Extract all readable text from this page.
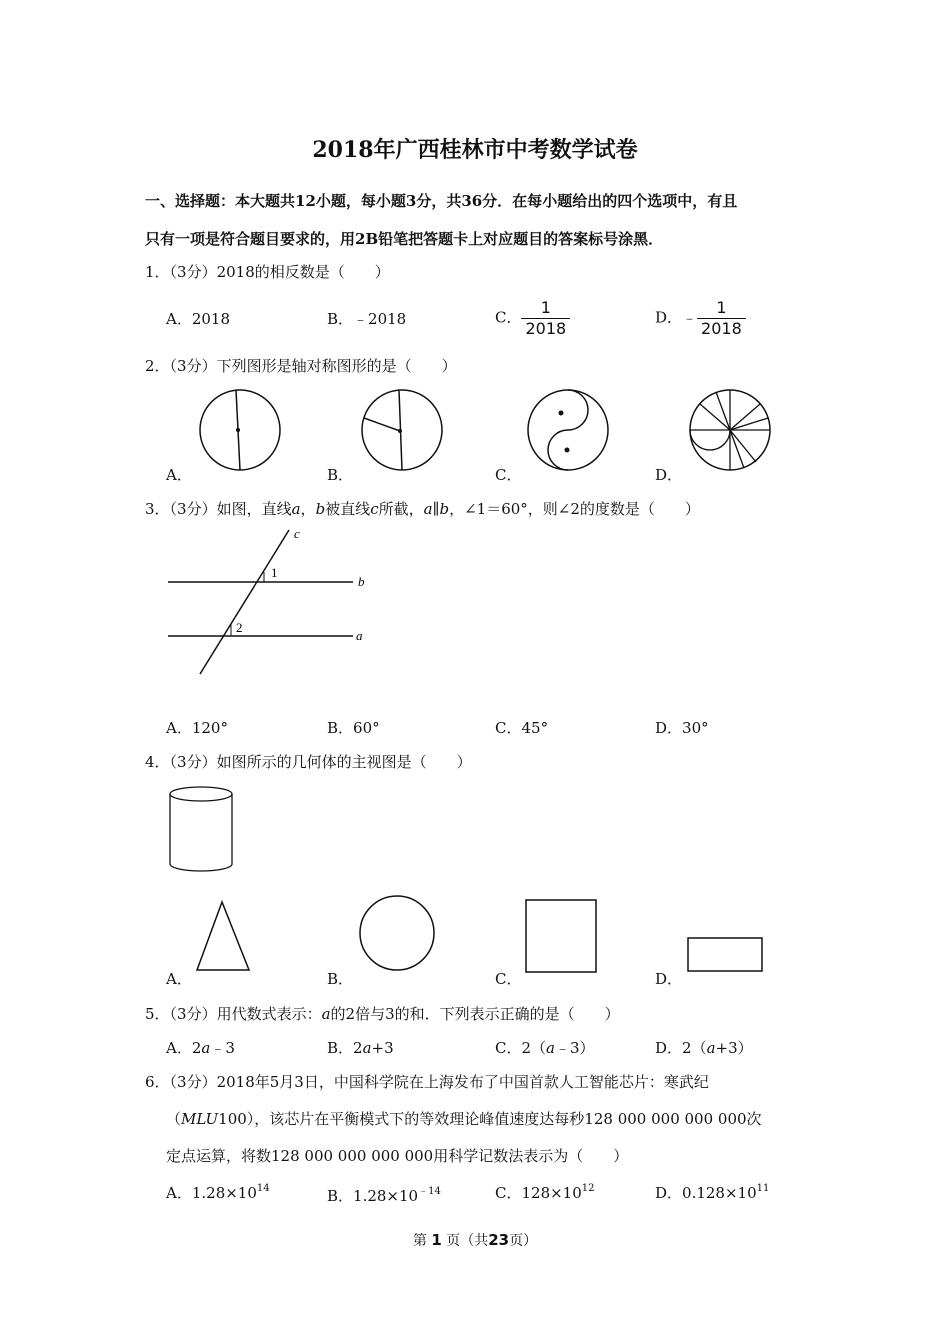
2018年广西桂林市中考数学试卷
一、选择题：本大题共12小题，每小题3分，共36分．在每小题给出的四个选项中，有且
只有一项是符合题目要求的，用2B铅笔把答题卡上对应题目的答案标号涂黑．
1．（3分）2018的相反数是（　　）
A．2018	B．﹣2018	C． $\frac{1}{2018}$	D．﹣ $\frac{1}{2018}$
2．（3分）下列图形是轴对称图形的是（　　）
A．	B．	C．	D．
3．（3分）如图，直线a，b被直线c所截，a∥b，∠1＝60°，则∠2的度数是（　　）
c
b
a
1
2
A．120°	B．60°	C．45°	D．30°
4．（3分）如图所示的几何体的主视图是（　　）
A．	B．	C．	D．
5．（3分）用代数式表示：a的2倍与3的和．下列表示正确的是（　　）
A．2a﹣3	B．2a+3	C．2（a﹣3）	D．2（a+3）
6．（3分）2018年5月3日，中国科学院在上海发布了中国首款人工智能芯片：寒武纪
（MLU100），该芯片在平衡模式下的等效理论峰值速度达每秒128 000 000 000 000次
定点运算，将数128 000 000 000 000用科学记数法表示为（　　）
A．$1.28\times 10^{14}$	B．$1.28\times 10^{﹣14}$	C．$128\times 10^{12}$	D．$0.128\times 10^{11}$
第 1 页（共23页）
